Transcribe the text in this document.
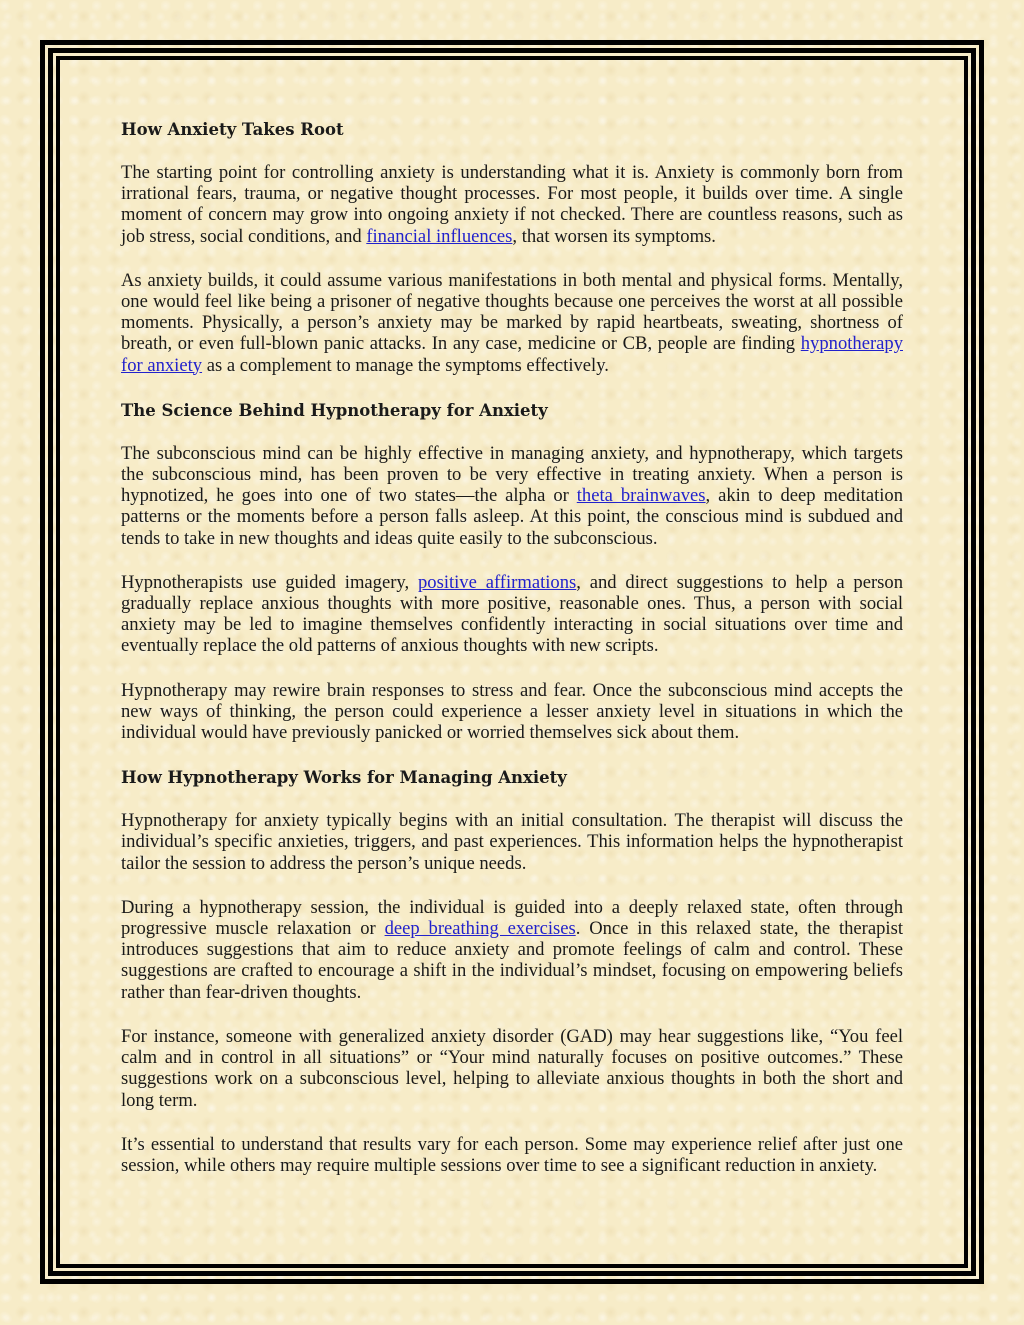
How Anxiety Takes Root

The starting point for controlling anxiety is understanding what it is. Anxiety is commonly born from irrational fears, trauma, or negative thought processes. For most people, it builds over time. A single moment of concern may grow into ongoing anxiety if not checked. There are countless reasons, such as job stress, social conditions, and financial influences, that worsen its symptoms.

As anxiety builds, it could assume various manifestations in both mental and physical forms. Mentally, one would feel like being a prisoner of negative thoughts because one perceives the worst at all possible moments. Physically, a person’s anxiety may be marked by rapid heartbeats, sweating, shortness of breath, or even full-blown panic attacks. In any case, medicine or CB, people are finding hypnotherapy for anxiety as a complement to manage the symptoms effectively.

The Science Behind Hypnotherapy for Anxiety

The subconscious mind can be highly effective in managing anxiety, and hypnotherapy, which targets the subconscious mind, has been proven to be very effective in treating anxiety. When a person is hypnotized, he goes into one of two states—the alpha or theta brainwaves, akin to deep meditation patterns or the moments before a person falls asleep. At this point, the conscious mind is subdued and tends to take in new thoughts and ideas quite easily to the subconscious.

Hypnotherapists use guided imagery, positive affirmations, and direct suggestions to help a person gradually replace anxious thoughts with more positive, reasonable ones. Thus, a person with social anxiety may be led to imagine themselves confidently interacting in social situations over time and eventually replace the old patterns of anxious thoughts with new scripts.

Hypnotherapy may rewire brain responses to stress and fear. Once the subconscious mind accepts the new ways of thinking, the person could experience a lesser anxiety level in situations in which the individual would have previously panicked or worried themselves sick about them.

How Hypnotherapy Works for Managing Anxiety

Hypnotherapy for anxiety typically begins with an initial consultation. The therapist will discuss the individual’s specific anxieties, triggers, and past experiences. This information helps the hypnotherapist tailor the session to address the person’s unique needs.

During a hypnotherapy session, the individual is guided into a deeply relaxed state, often through progressive muscle relaxation or deep breathing exercises. Once in this relaxed state, the therapist introduces suggestions that aim to reduce anxiety and promote feelings of calm and control. These suggestions are crafted to encourage a shift in the individual’s mindset, focusing on empowering beliefs rather than fear-driven thoughts.

For instance, someone with generalized anxiety disorder (GAD) may hear suggestions like, “You feel calm and in control in all situations” or “Your mind naturally focuses on positive outcomes.” These suggestions work on a subconscious level, helping to alleviate anxious thoughts in both the short and long term.

It’s essential to understand that results vary for each person. Some may experience relief after just one session, while others may require multiple sessions over time to see a significant reduction in anxiety.
